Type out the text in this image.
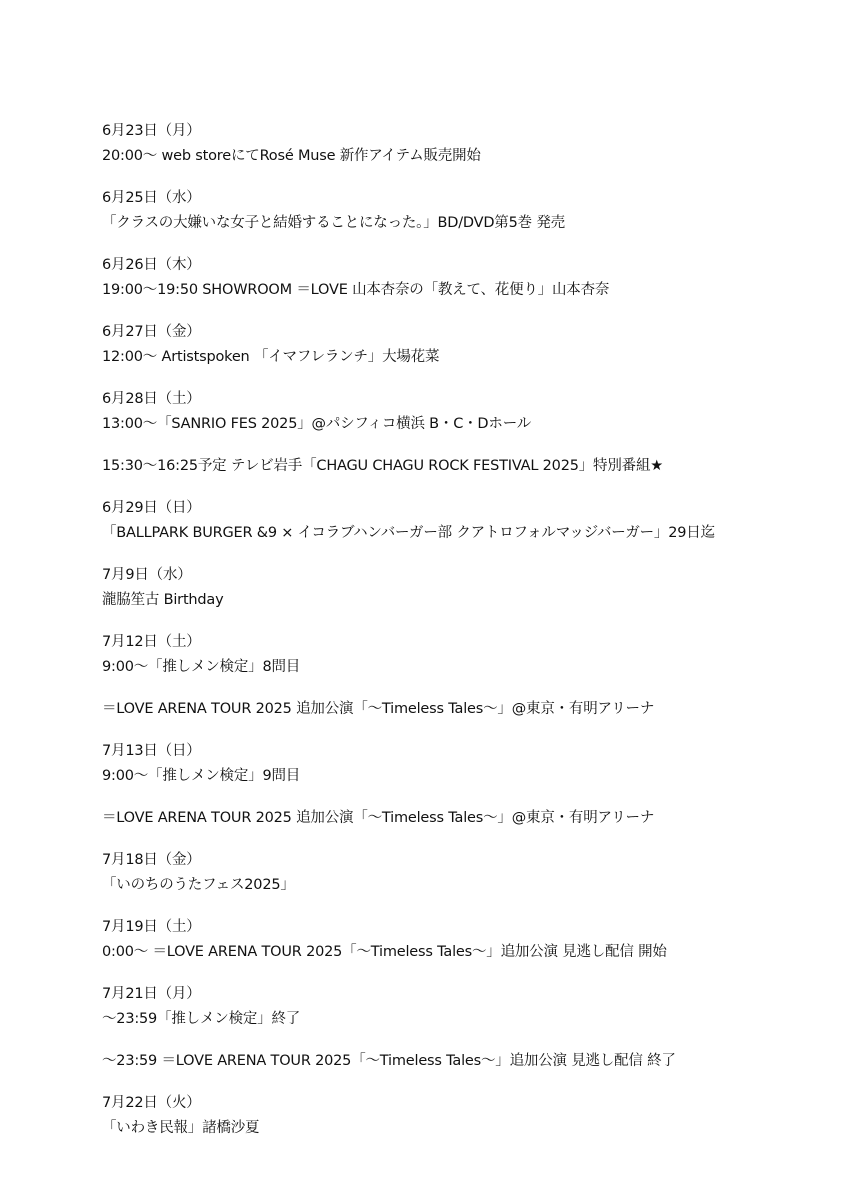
6月23日（月）
20:00～ web storeにてRosé Muse 新作アイテム販売開始
6月25日（水）
「クラスの大嫌いな女子と結婚することになった。」BD/DVD第5巻 発売
6月26日（木）
19:00～19:50 SHOWROOM ＝LOVE 山本杏奈の「教えて、花便り」山本杏奈
6月27日（金）
12:00～ Artistspoken 「イマフレランチ」大場花菜
6月28日（土）
13:00～「SANRIO FES 2025」@パシフィコ横浜 B・C・Dホール
15:30～16:25予定 テレビ岩手「CHAGU CHAGU ROCK FESTIVAL 2025」特別番組★
6月29日（日）
「BALLPARK BURGER &9 × イコラブハンバーガー部 クアトロフォルマッジバーガー」29日迄
7月9日（水）
瀧脇笙古 Birthday
7月12日（土）
9:00～「推しメン検定」8問目
＝LOVE ARENA TOUR 2025 追加公演「～Timeless Tales～」@東京・有明アリーナ
7月13日（日）
9:00～「推しメン検定」9問目
＝LOVE ARENA TOUR 2025 追加公演「～Timeless Tales～」@東京・有明アリーナ
7月18日（金）
「いのちのうたフェス2025」
7月19日（土）
0:00～ ＝LOVE ARENA TOUR 2025「～Timeless Tales～」追加公演 見逃し配信 開始
7月21日（月）
～23:59「推しメン検定」終了
～23:59 ＝LOVE ARENA TOUR 2025「～Timeless Tales～」追加公演 見逃し配信 終了
7月22日（火）
「いわき民報」諸橋沙夏
